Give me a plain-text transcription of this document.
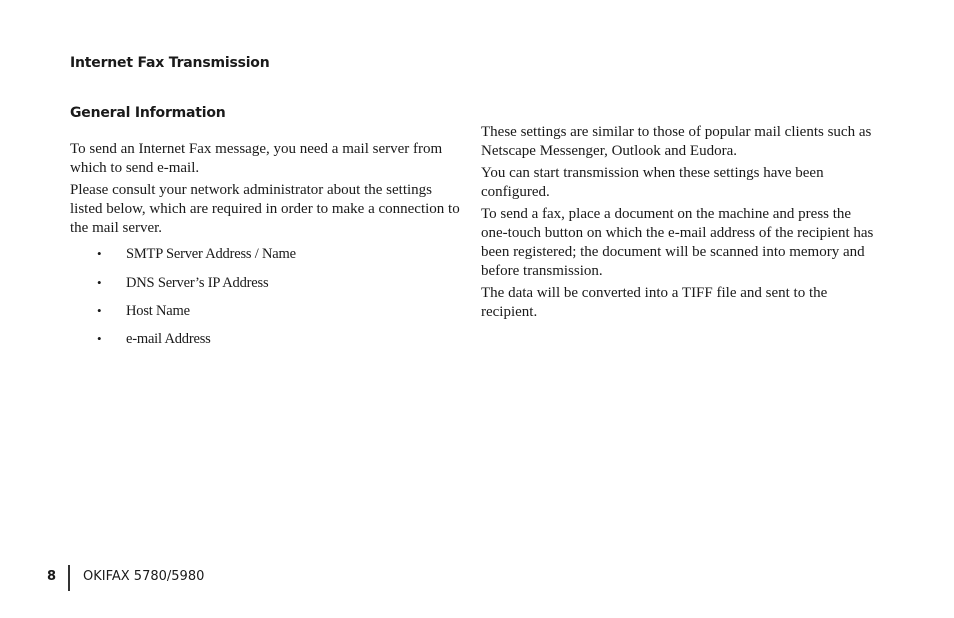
Internet Fax Transmission
General Information

To send an Internet Fax message, you need a mail server from which to send e-mail.

Please consult your network administrator about the settings listed below, which are required in order to make a connection to the mail server.

•	SMTP Server Address / Name
•	DNS Server’s IP Address
•	Host Name
•	e-mail Address

These settings are similar to those of popular mail clients such as Netscape Messenger, Outlook and Eudora.

You can start transmission when these settings have been configured.

To send a fax, place a document on the machine and press the one-touch button on which the e-mail address of the recipient has been registered; the document will be scanned into memory and before transmission.

The data will be converted into a TIFF file and sent to the recipient.

8 OKIFAX 5780/5980
